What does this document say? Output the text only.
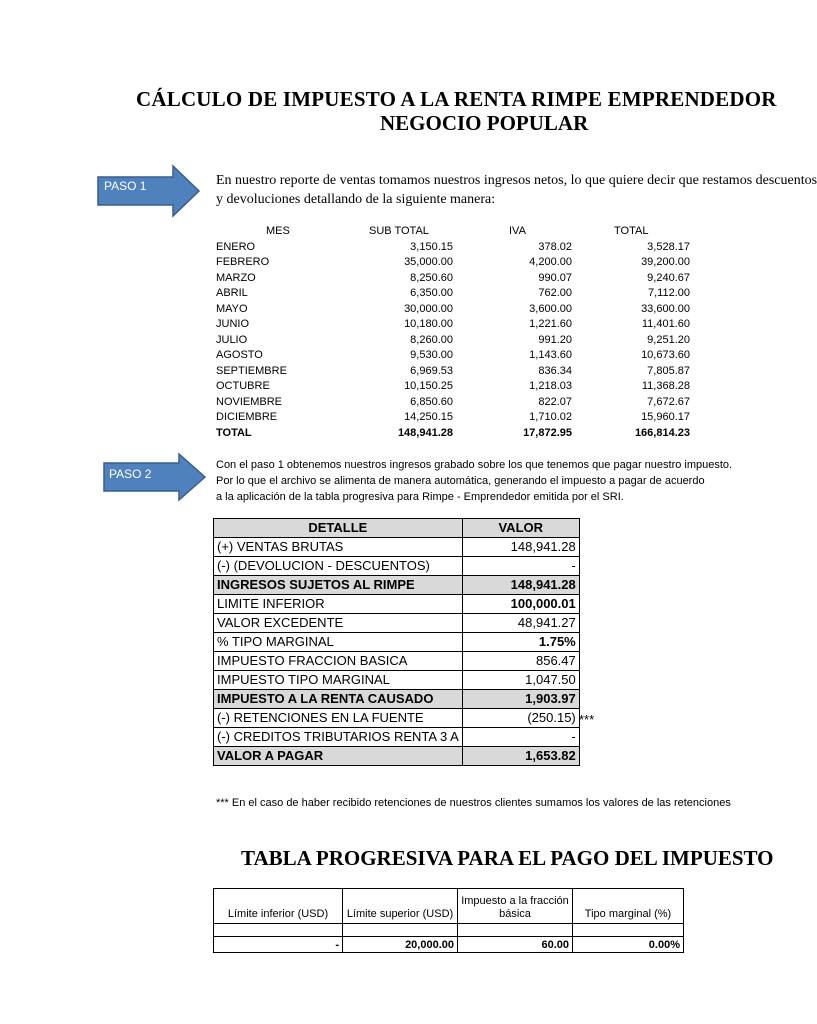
CÁLCULO DE IMPUESTO A LA RENTA RIMPE EMPRENDEDOR
NEGOCIO POPULAR
PASO 1	En nuestro reporte de ventas tomamos nuestros ingresos netos, lo que quiere decir que restamos descuentos
y devoluciones detallando de la siguiente manera:
MES	SUB TOTAL	IVA	TOTAL
ENERO	3,150.15	378.02	3,528.17
FEBRERO	35,000.00	4,200.00	39,200.00
MARZO	8,250.60	990.07	9,240.67
ABRIL	6,350.00	762.00	7,112.00
MAYO	30,000.00	3,600.00	33,600.00
JUNIO	10,180.00	1,221.60	11,401.60
JULIO	8,260.00	991.20	9,251.20
AGOSTO	9,530.00	1,143.60	10,673.60
SEPTIEMBRE	6,969.53	836.34	7,805.87
OCTUBRE	10,150.25	1,218.03	11,368.28
NOVIEMBRE	6,850.60	822.07	7,672.67
DICIEMBRE	14,250.15	1,710.02	15,960.17
TOTAL	148,941.28	17,872.95	166,814.23
PASO 2
Con el paso 1 obtenemos nuestros ingresos grabado sobre los que tenemos que pagar nuestro impuesto.
Por lo que el archivo se alimenta de manera automática, generando el impuesto a pagar de acuerdo
a la aplicación de la tabla progresiva para Rimpe - Emprendedor emitida por el SRI.
DETALLE	VALOR
(+) VENTAS BRUTAS	148,941.28
(-) (DEVOLUCION - DESCUENTOS)	-
INGRESOS SUJETOS AL RIMPE	148,941.28
LIMITE INFERIOR	100,000.01
VALOR EXCEDENTE	48,941.27
% TIPO MARGINAL	1.75%
IMPUESTO FRACCION BASICA	856.47
IMPUESTO TIPO MARGINAL	1,047.50
IMPUESTO A LA RENTA CAUSADO	1,903.97
(-) RETENCIONES EN LA FUENTE	(250.15)
(-) CREDITOS TRIBUTARIOS RENTA 3 A	-
VALOR A PAGAR	1,653.82
***
*** En el caso de haber recibido retenciones de nuestros clientes sumamos los valores de las retenciones
TABLA PROGRESIVA PARA EL PAGO DEL IMPUESTO
Límite inferior (USD)	Límite superior (USD)	Impuesto a la fracción básica	Tipo marginal (%)

-	20,000.00	60.00	0.00%
